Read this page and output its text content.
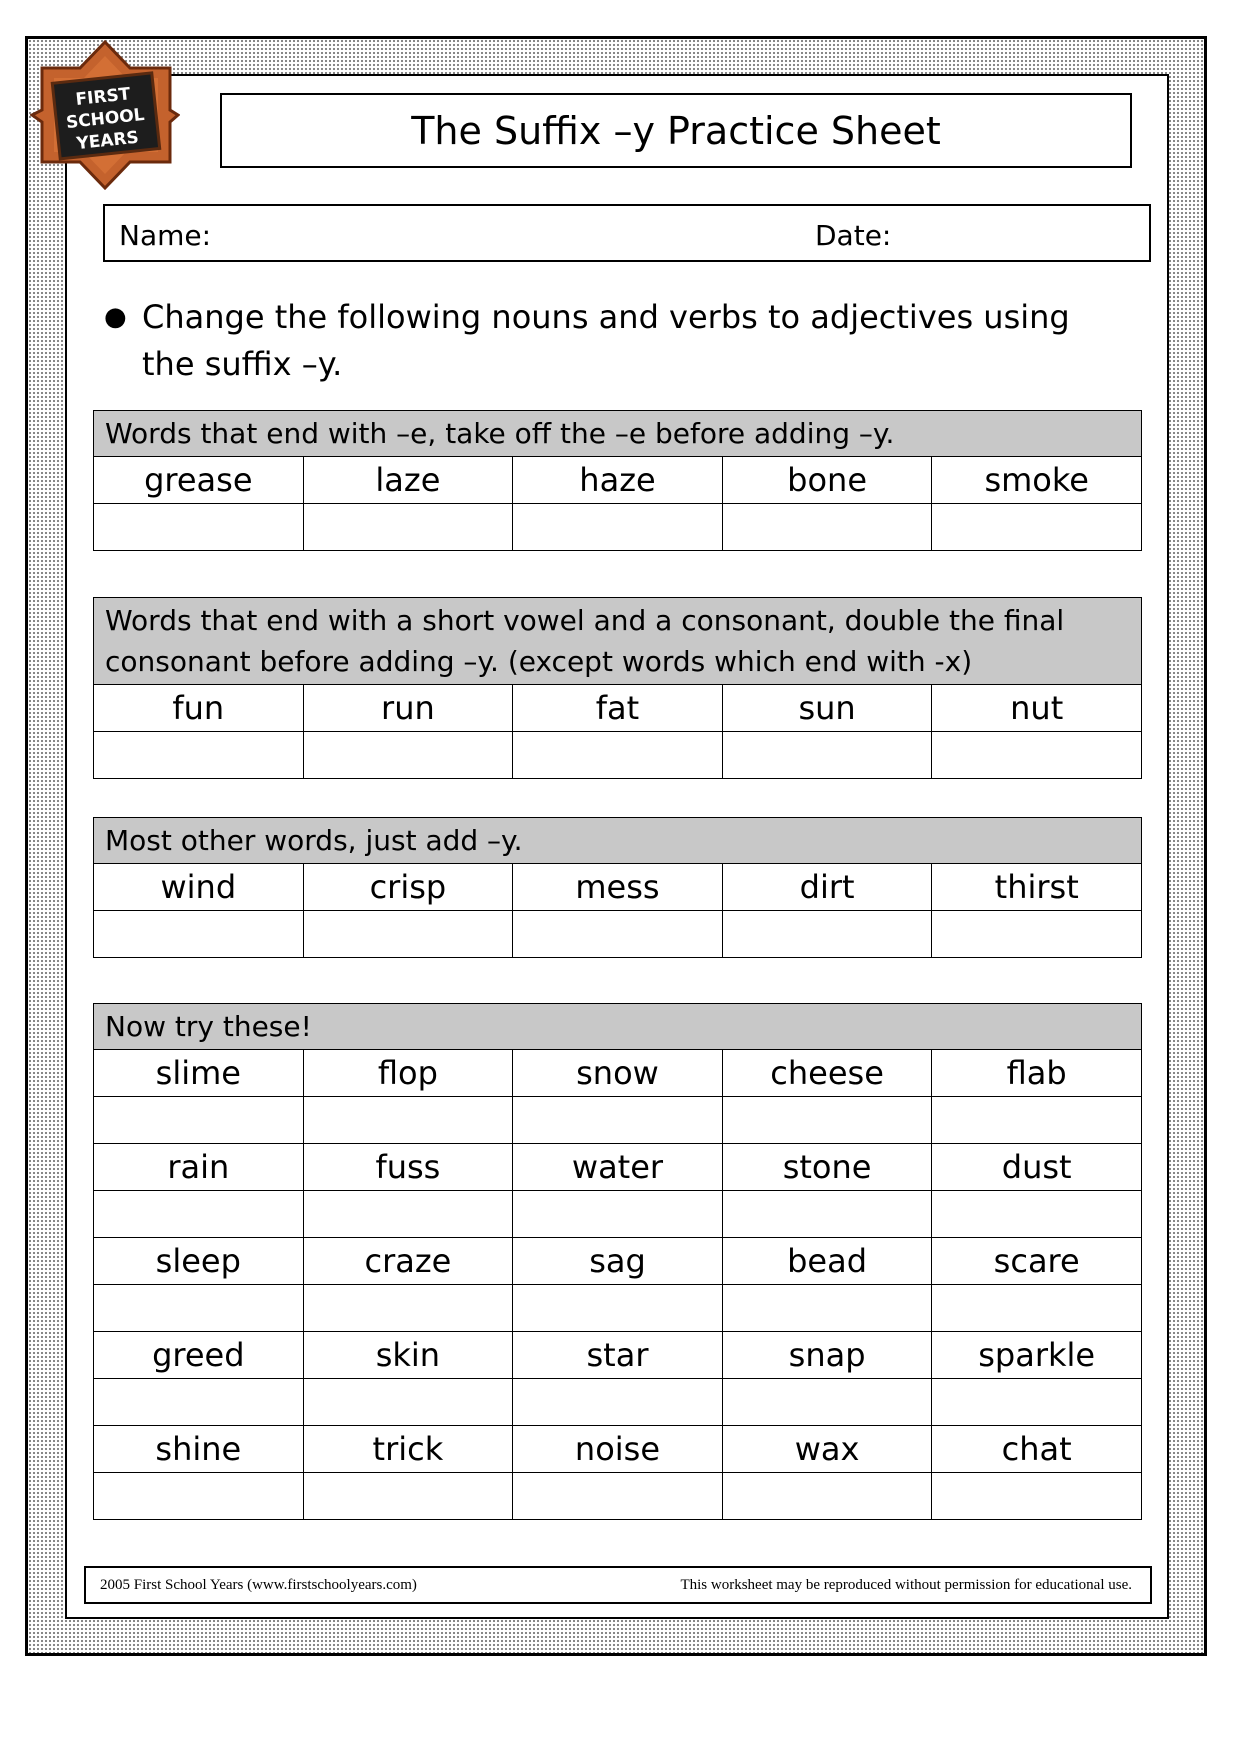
FIRST
SCHOOL
YEARS	The Suffix –y Practice Sheet
Name:	Date:
● Change the following nouns and verbs to adjectives using the suffix –y.
Words that end with –e, take off the –e before adding –y.				
grease	laze	haze	bone	smoke

Words that end with a short vowel and a consonant, double the final consonant before adding –y. (except words which end with -x)				
fun	run	fat	sun	nut

Most other words, just add –y.				
wind	crisp	mess	dirt	thirst

Now try these!				
slime	flop	snow	cheese	flab

rain	fuss	water	stone	dust

sleep	craze	sag	bead	scare

greed	skin	star	snap	sparkle

shine	trick	noise	wax	chat

2005 First School Years (www.firstschoolyears.com)	This worksheet may be reproduced without permission for educational use.
